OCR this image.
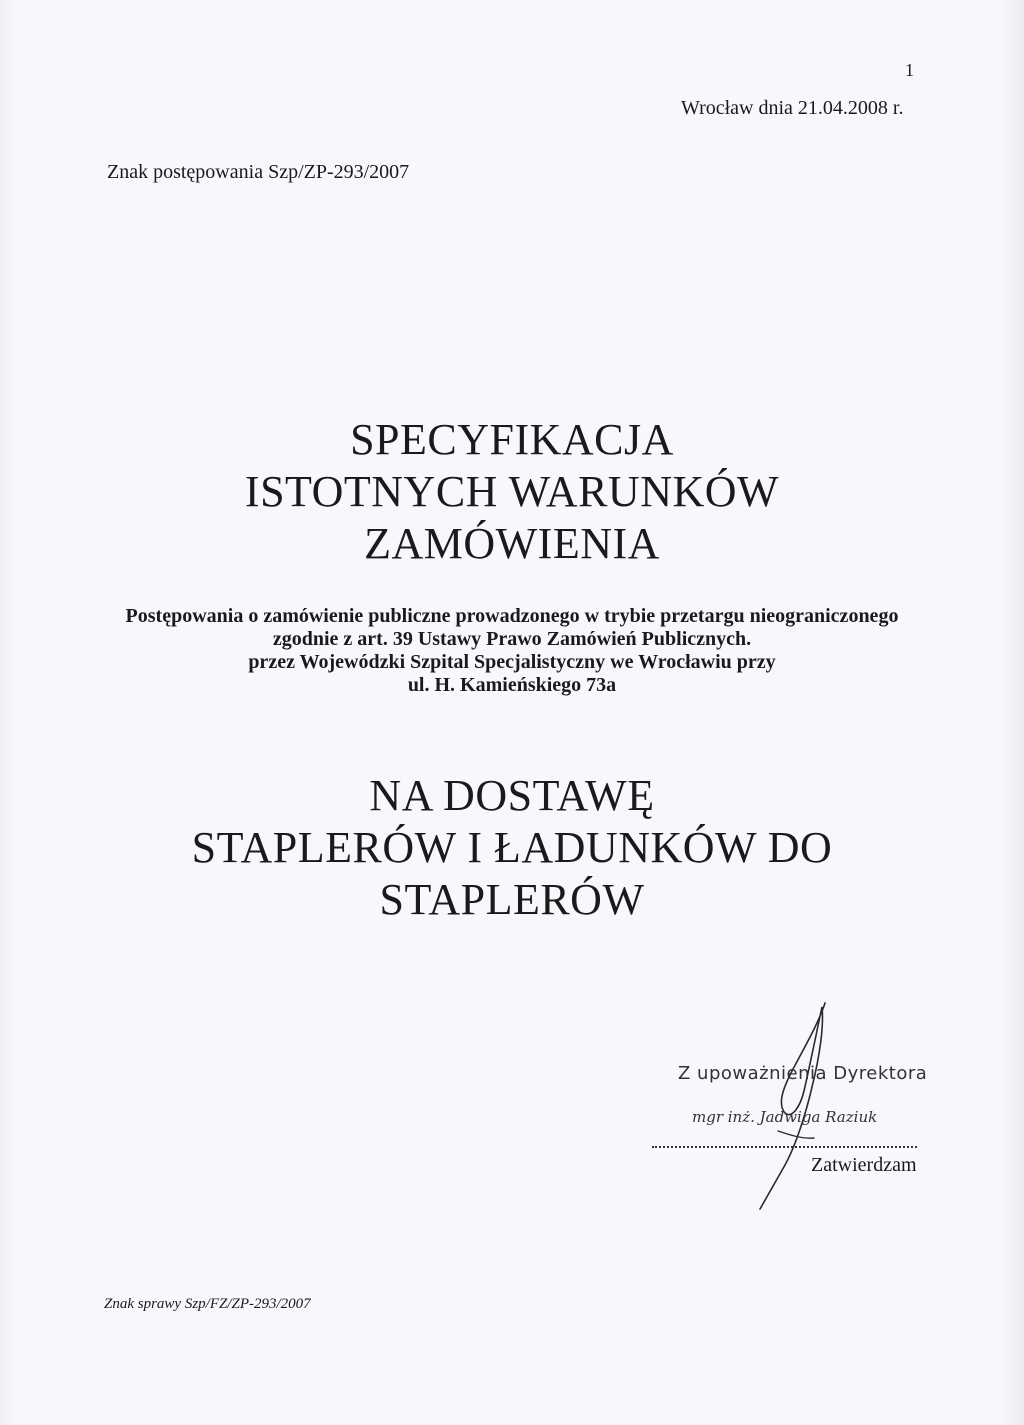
1
Wrocław dnia 21.04.2008 r.
Znak postępowania Szp/ZP-293/2007
SPECYFIKACJA
ISTOTNYCH WARUNKÓW
ZAMÓWIENIA
Postępowania o zamówienie publiczne prowadzonego w trybie przetargu nieograniczonego
zgodnie z art. 39 Ustawy Prawo Zamówień Publicznych.
przez Wojewódzki Szpital Specjalistyczny we Wrocławiu przy
ul. H. Kamieńskiego 73a
NA DOSTAWĘ
STAPLERÓW I ŁADUNKÓW DO
STAPLERÓW
Z upoważnienia Dyrektora
mgr inż. Jadwiga Raziuk
Zatwierdzam
Znak sprawy Szp/FZ/ZP-293/2007
